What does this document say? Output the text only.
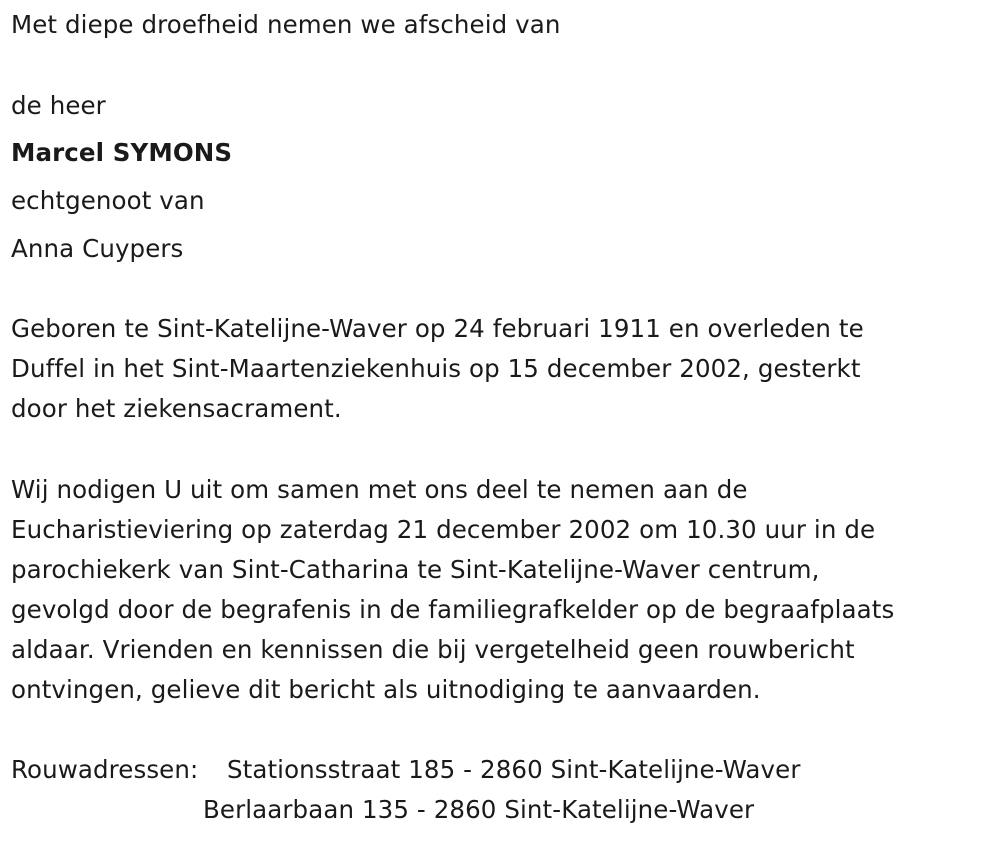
Met diepe droefheid nemen we afscheid van
de heer
Marcel SYMONS
echtgenoot van
Anna Cuypers
Geboren te Sint-Katelijne-Waver op 24 februari 1911 en overleden te
Duffel in het Sint-Maartenziekenhuis op 15 december 2002, gesterkt
door het ziekensacrament.
Wij nodigen U uit om samen met ons deel te nemen aan de
Eucharistieviering op zaterdag 21 december 2002 om 10.30 uur in de
parochiekerk van Sint-Catharina te Sint-Katelijne-Waver centrum,
gevolgd door de begrafenis in de familiegrafkelder op de begraafplaats
aldaar. Vrienden en kennissen die bij vergetelheid geen rouwbericht
ontvingen, gelieve dit bericht als uitnodiging te aanvaarden.
Rouwadressen: Stationsstraat 185 - 2860 Sint-Katelijne-Waver
Berlaarbaan 135 - 2860 Sint-Katelijne-Waver
